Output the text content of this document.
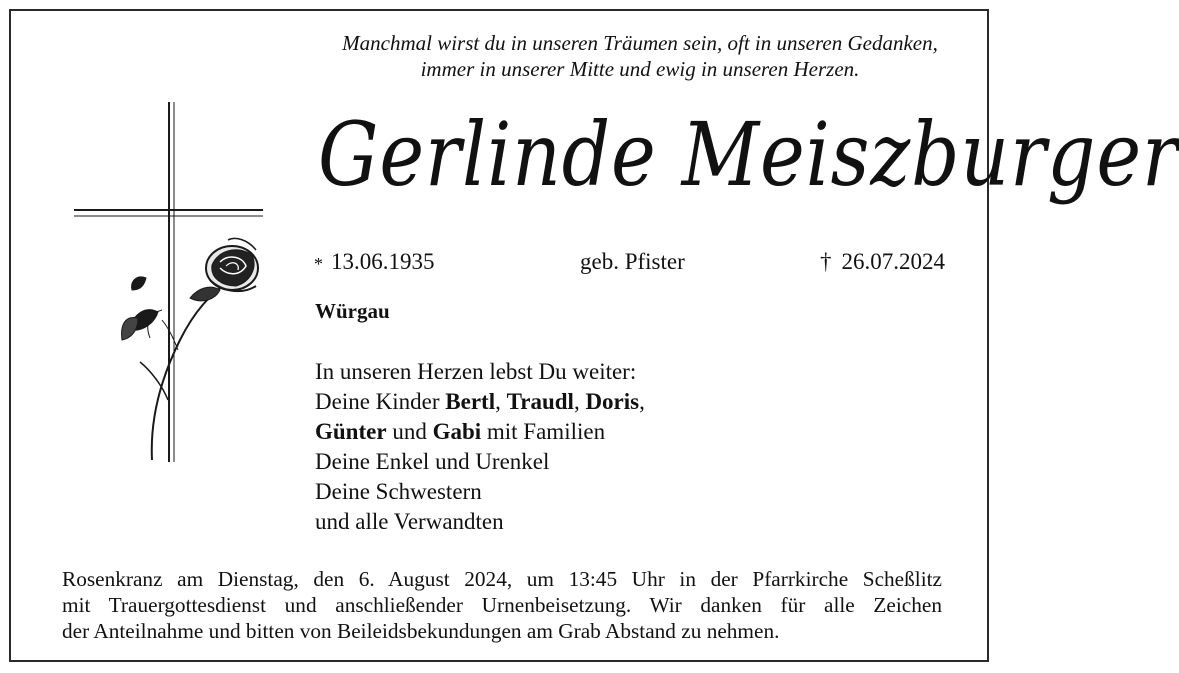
Manchmal wirst du in unseren Träumen sein, oft in unseren Gedanken,
immer in unserer Mitte und ewig in unseren Herzen.
Gerlinde Meiszburger
* 13.06.1935	geb. Pfister	† 26.07.2024
Würgau
In unseren Herzen lebst Du weiter:
Deine Kinder Bertl, Traudl, Doris,
Günter und Gabi mit Familien
Deine Enkel und Urenkel
Deine Schwestern
und alle Verwandten
Rosenkranz am Dienstag, den 6. August 2024, um 13:45 Uhr in der Pfarrkirche Scheßlitz
mit Trauergottesdienst und anschließender Urnenbeisetzung. Wir danken für alle Zeichen
der Anteilnahme und bitten von Beileidsbekundungen am Grab Abstand zu nehmen.
